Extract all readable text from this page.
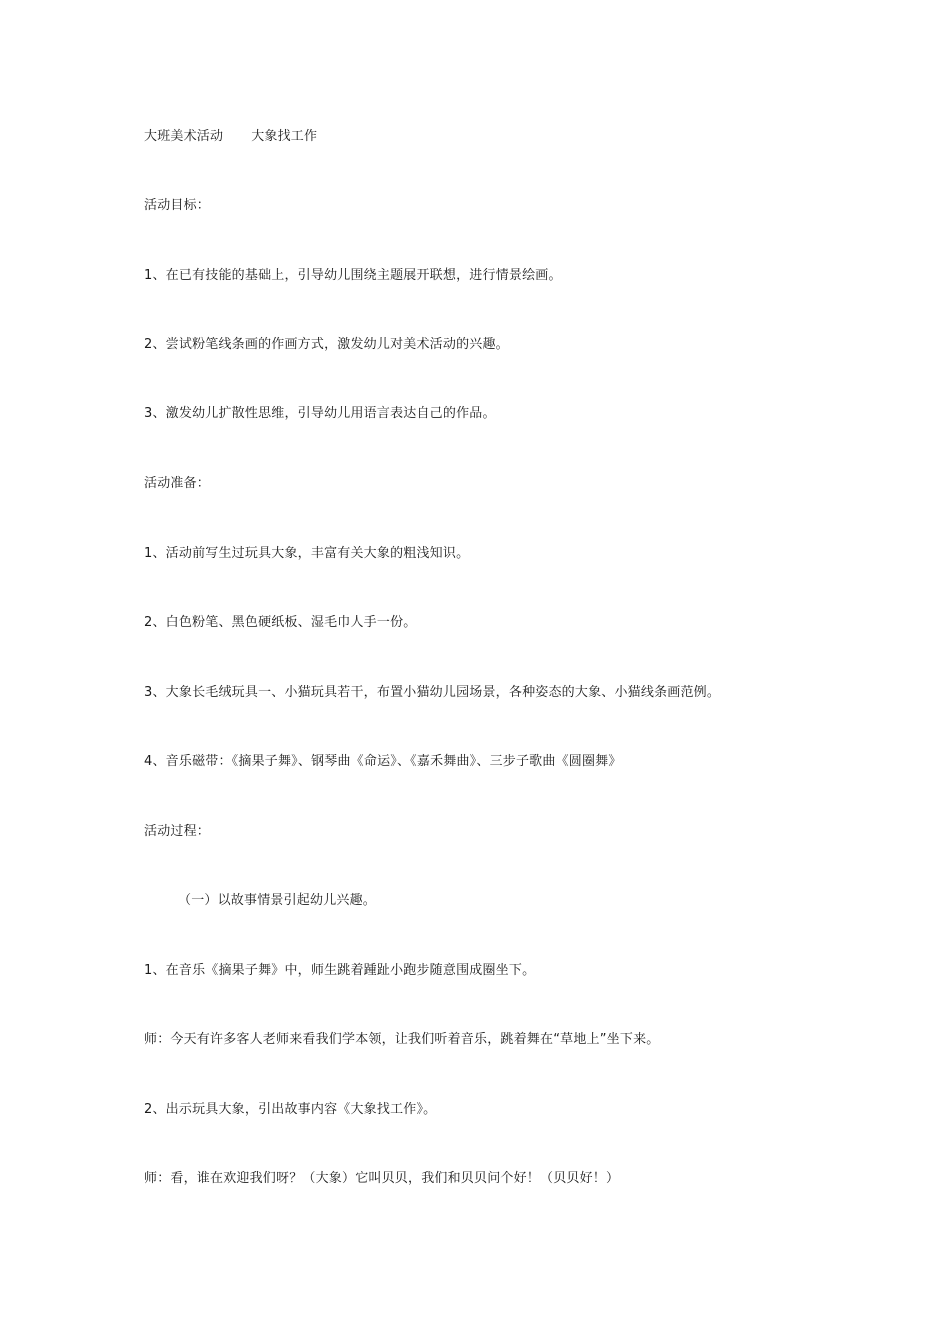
大班美术活动 大象找工作
活动目标：
1、在已有技能的基础上，引导幼儿围绕主题展开联想，进行情景绘画。
2、尝试粉笔线条画的作画方式，激发幼儿对美术活动的兴趣。
3、激发幼儿扩散性思维，引导幼儿用语言表达自己的作品。
活动准备：
1、活动前写生过玩具大象，丰富有关大象的粗浅知识。
2、白色粉笔、黑色硬纸板、湿毛巾人手一份。
3、大象长毛绒玩具一、小猫玩具若干，布置小猫幼儿园场景，各种姿态的大象、小猫线条画范例。
4、音乐磁带：《摘果子舞》、钢琴曲《命运》、《嘉禾舞曲》、三步子歌曲《圆圈舞》
活动过程：
（一）以故事情景引起幼儿兴趣。
1、在音乐《摘果子舞》中，师生跳着踵趾小跑步随意围成圈坐下。
师：今天有许多客人老师来看我们学本领，让我们听着音乐，跳着舞在“草地上”坐下来。
2、出示玩具大象，引出故事内容《大象找工作》。
师：看，谁在欢迎我们呀？（大象）它叫贝贝，我们和贝贝问个好！（贝贝好！）
